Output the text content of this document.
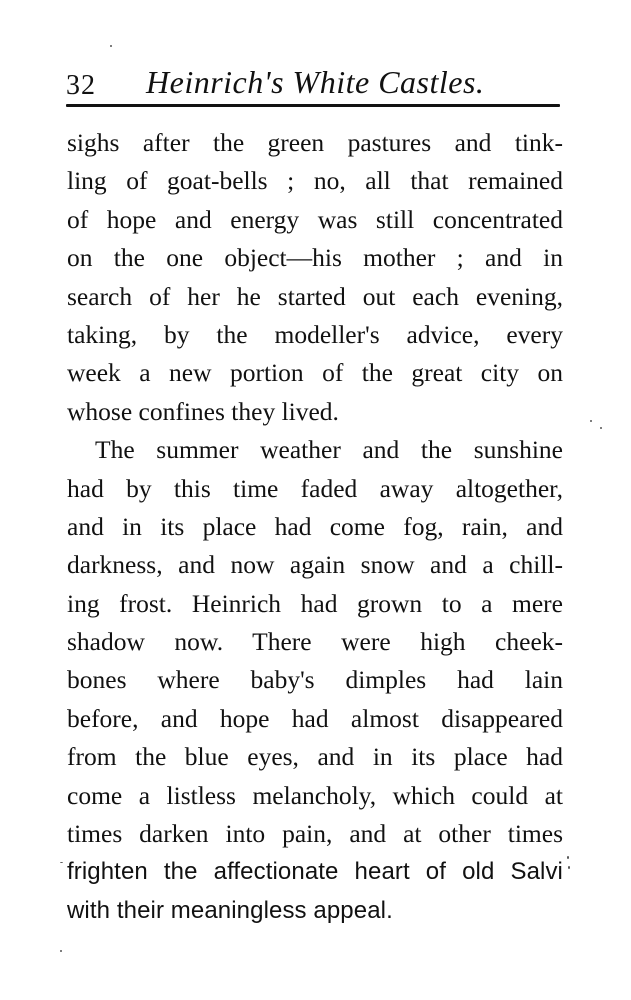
32 Heinrich's White Castles.
sighs after the green pastures and tink-
ling of goat-bells ; no, all that remained
of hope and energy was still concentrated
on the one object—his mother ; and in
search of her he started out each evening,
taking, by the modeller's advice, every
week a new portion of the great city on
whose confines they lived.
The summer weather and the sunshine
had by this time faded away altogether,
and in its place had come fog, rain, and
darkness, and now again snow and a chill-
ing frost. Heinrich had grown to a mere
shadow now. There were high cheek-
bones where baby's dimples had lain
before, and hope had almost disappeared
from the blue eyes, and in its place had
come a listless melancholy, which could at
times darken into pain, and at other times
frighten the affectionate heart of old Salvi
with their meaningless appeal.
